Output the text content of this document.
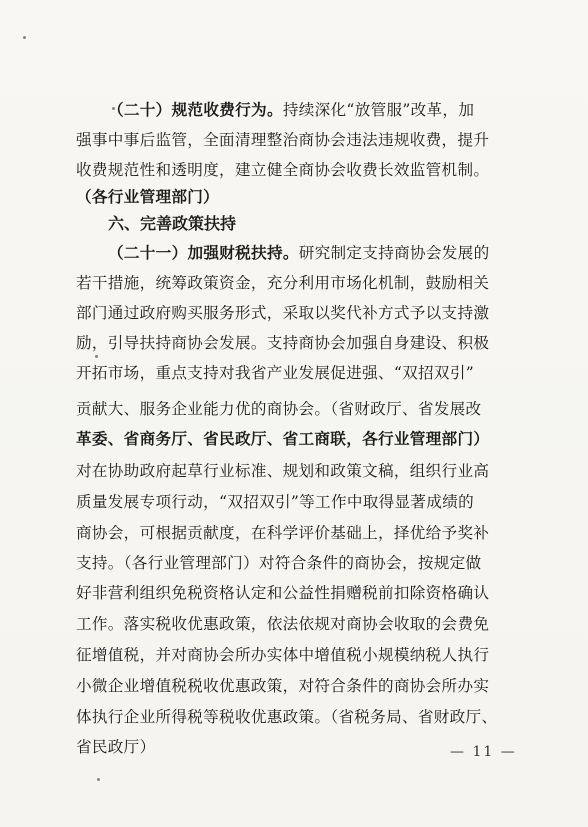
（二十）规范收费行为。持续深化“放管服”改革，加
强事中事后监管，全面清理整治商协会违法违规收费，提升
收费规范性和透明度，建立健全商协会收费长效监管机制。
（各行业管理部门）
六、完善政策扶持
（二十一）加强财税扶持。研究制定支持商协会发展的
若干措施，统筹政策资金，充分利用市场化机制，鼓励相关
部门通过政府购买服务形式，采取以奖代补方式予以支持激
励，引导扶持商协会发展。支持商协会加强自身建设、积极
开拓市场，重点支持对我省产业发展促进强、“双招双引”
贡献大、服务企业能力优的商协会。（省财政厅、省发展改
革委、省商务厅、省民政厅、省工商联，各行业管理部门）
对在协助政府起草行业标准、规划和政策文稿，组织行业高
质量发展专项行动，“双招双引”等工作中取得显著成绩的
商协会，可根据贡献度，在科学评价基础上，择优给予奖补
支持。（各行业管理部门）对符合条件的商协会，按规定做
好非营利组织免税资格认定和公益性捐赠税前扣除资格确认
工作。落实税收优惠政策，依法依规对商协会收取的会费免
征增值税，并对商协会所办实体中增值税小规模纳税人执行
小微企业增值税税收优惠政策，对符合条件的商协会所办实
体执行企业所得税等税收优惠政策。（省税务局、省财政厅、
省民政厅）	— 11 —
